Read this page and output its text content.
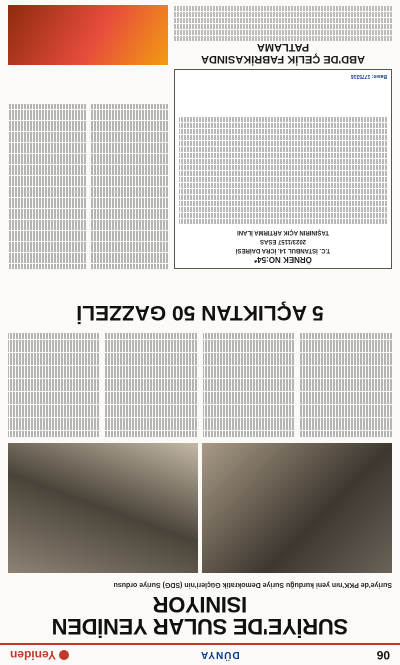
06
DÜNYA
Yeniden
SURİYE'DE SULAR YENİDEN ISINIYOR
Suriye'de PKK'nın yeni kurduğu Suriye Demokratik Güçleri'nin (SDG) Suriye ordusu
5 AÇLIKTAN 50 GAZZELİ
ÖRNEK NO:54*
T.C. İSTANBUL 14. İCRA DAİRESİ
2023/1157 ESAS
TAŞINIRIN AÇIK ARTIRMA İLANI
Basın: 1775316
ABD'DE ÇELİK FABRİKASINDA PATLAMA
